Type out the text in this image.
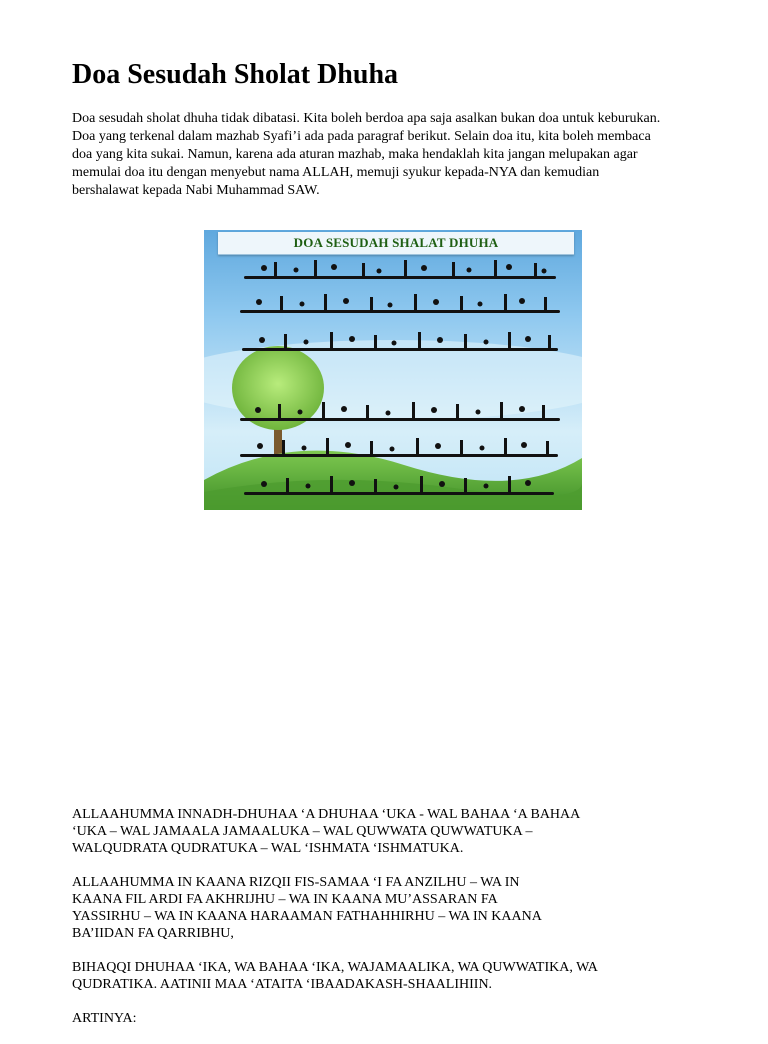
Doa Sesudah Sholat Dhuha
Doa sesudah sholat dhuha tidak dibatasi. Kita boleh berdoa apa saja asalkan bukan doa untuk keburukan.
Doa yang terkenal dalam mazhab Syafi’i ada pada paragraf berikut. Selain doa itu, kita boleh membaca
doa yang kita sukai. Namun, karena ada aturan mazhab, maka hendaklah kita jangan melupakan agar
memulai doa itu dengan menyebut nama ALLAH, memuji syukur kepada-NYA dan kemudian
bershalawat kepada Nabi Muhammad SAW.
DOA SESUDAH SHALAT DHUHA

ALLAAHUMMA INNADH-DHUHAA ‘A DHUHAA ‘UKA - WAL BAHAA ‘A BAHAA
‘UKA – WAL JAMAALA JAMAALUKA – WAL QUWWATA QUWWATUKA –
WALQUDRATA QUDRATUKA – WAL ‘ISHMATA ‘ISHMATUKA.

ALLAAHUMMA IN KAANA RIZQII FIS-SAMAA ‘I FA ANZILHU – WA IN
KAANA FIL ARDI FA AKHRIJHU – WA IN KAANA MU’ASSARAN FA
YASSIRHU – WA IN KAANA HARAAMAN FATHAHHIRHU – WA IN KAANA
BA’IIDAN FA QARRIBHU,

BIHAQQI DHUHAA ‘IKA, WA BAHAA ‘IKA, WAJAMAALIKA, WA QUWWATIKA, WA
QUDRATIKA. AATINII MAA ‘ATAITA ‘IBAADAKASH-SHAALIHIIN.

ARTINYA:
